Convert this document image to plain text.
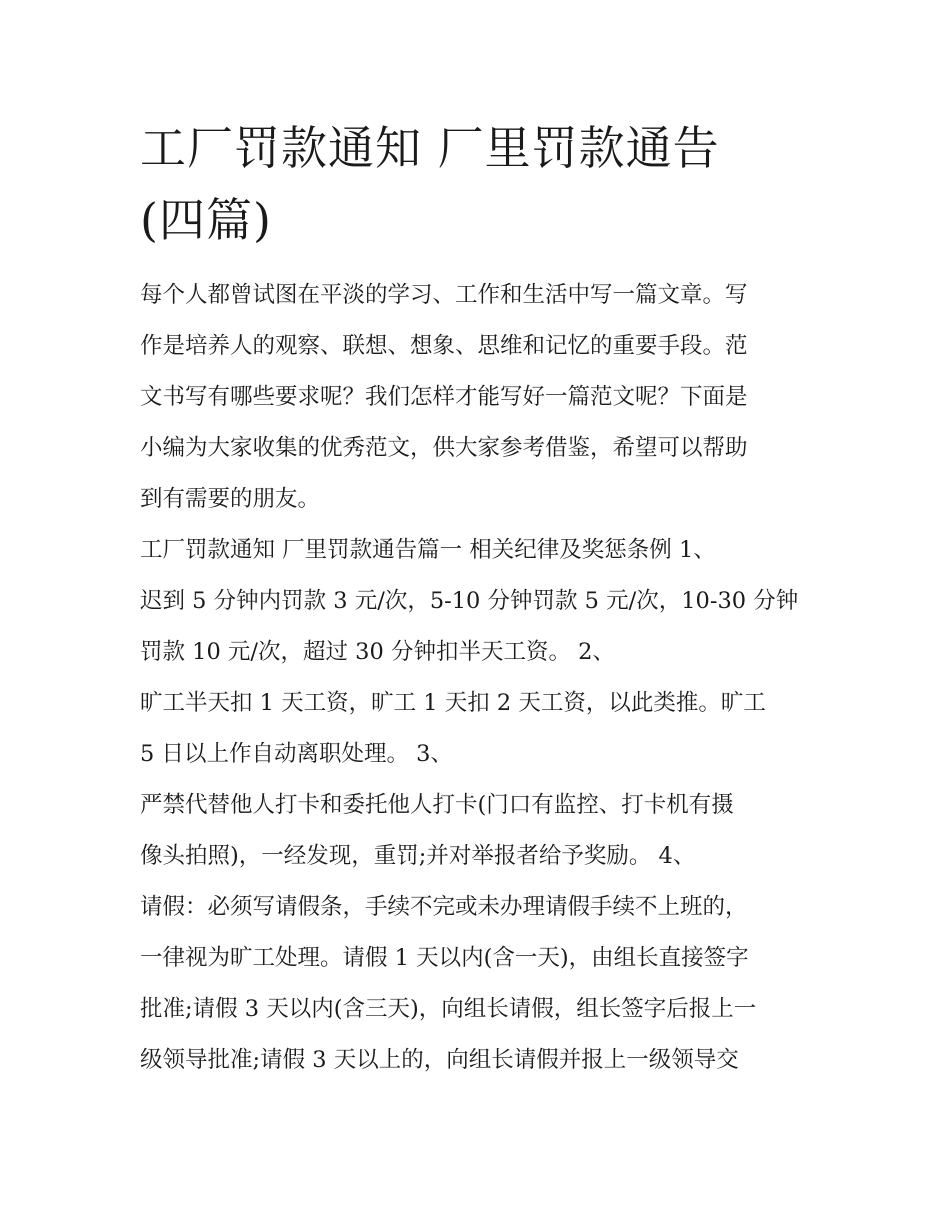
工厂罚款通知 厂里罚款通告
(四篇)
每个人都曾试图在平淡的学习、工作和生活中写一篇文章。写
作是培养人的观察、联想、想象、思维和记忆的重要手段。范
文书写有哪些要求呢？我们怎样才能写好一篇范文呢？下面是
小编为大家收集的优秀范文，供大家参考借鉴，希望可以帮助
到有需要的朋友。
工厂罚款通知 厂里罚款通告篇一 相关纪律及奖惩条例 1、
迟到 5 分钟内罚款 3 元/次，5-10 分钟罚款 5 元/次，10-30 分钟
罚款 10 元/次，超过 30 分钟扣半天工资。 2、
旷工半天扣 1 天工资，旷工 1 天扣 2 天工资，以此类推。旷工
5 日以上作自动离职处理。 3、
严禁代替他人打卡和委托他人打卡(门口有监控、打卡机有摄
像头拍照)，一经发现，重罚;并对举报者给予奖励。 4、
请假：必须写请假条，手续不完或未办理请假手续不上班的，
一律视为旷工处理。请假 1 天以内(含一天)，由组长直接签字
批准;请假 3 天以内(含三天)，向组长请假，组长签字后报上一
级领导批准;请假 3 天以上的，向组长请假并报上一级领导交
